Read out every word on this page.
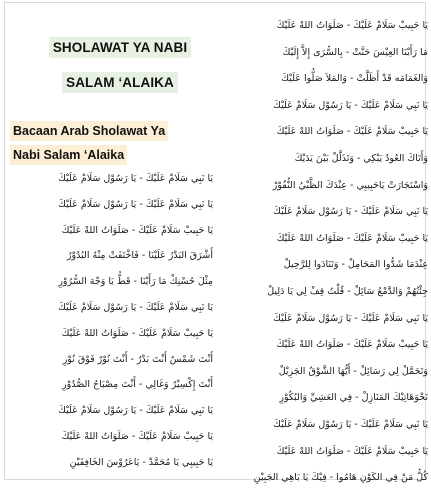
SHOLAWAT YA NABI
SALAM ‘ALAIKA
Bacaan Arab Sholawat Ya
Nabi Salam ‘Alaika
يَا حَبِيبْ سَلَامْ عَلَيْكَ - صَلَوَاتُ اللهْ عَلَيْكَ
مَا رَأَيْنَا العِيْسَ حَنَّتْ - بِالسُّرَى إِلاَّ إِلَيْكَ
وَالغَمَامَه قَدْ أَظَلَّتْ - وَالمَلاَ صَلُّوا عَلَيْكَ
يَا نَبِي سَلَامْ عَلَيْكَ - يَا رَسُوْل سَلَامْ عَلَيْكَ
يَا حَبِيبْ سَلَامْ عَلَيْكَ - صَلَوَاتُ اللهْ عَلَيْكَ
وَأَتَاكَ العُودُ يَبْكِي - وَتَذَلَّلْ بَيْنَ يَدَيْكَ
وَاسْتَجَارَتْ يَاحَبِيبِي - عِنْدَكَ الظَّبْيُ النُّفُوْرْ
يَا نَبِي سَلَامْ عَلَيْكَ - يَا رَسُوْل سَلَامْ عَلَيْكَ
يَا حَبِيبْ سَلَامْ عَلَيْكَ - صَلَوَاتُ اللهْ عَلَيْكَ
عِنْدَمَا شَدُّوا المَحَامِلْ - وَتَنَادَوا لِلرَّحِيلْ
جِئْتُهُمْ وَالدَّمْعُ سَائِلْ - قُلْتُ قِفْ لِي يَا دَلِيلْ
يَا نَبِي سَلَامْ عَلَيْكَ - يَا رَسُوْل سَلَامْ عَلَيْكَ
يَا حَبِيبْ سَلَامْ عَلَيْكَ - صَلَوَاتُ اللهْ عَلَيْكَ
وَتَحَمَّلْ لِي رَسَائِلْ - أَيُّهَا الشَّوْقُ الجَزِيْلْ
نَحْوَهَاتِيْكَ المَنَازِلْ - فِي العَشِيِّ وَالبُكُوْرِ
يَا نَبِي سَلَامْ عَلَيْكَ - يَا رَسُوْل سَلَامْ عَلَيْكَ
يَا حَبِيبْ سَلَامْ عَلَيْكَ - صَلَوَاتُ اللهْ عَلَيْكَ
كُلُّ مَنْ فِي الكَوْنِ هَامُوا - فِيْكَ يَا بَاهِي الجَبِيْنِ
يَا نَبِي سَلَامْ عَلَيْكَ - يَا رَسُوْل سَلَامْ عَلَيْكَ
يَا نَبِي سَلَامْ عَلَيْكَ - يَا رَسُوْل سَلَامْ عَلَيْكَ
يَا حَبِيبْ سَلَامْ عَلَيْكَ - صَلَوَاتُ اللهْ عَلَيْكَ
أَشْرَقَ البَدْرُ عَلَيْنَا - فَاخْتَفَتْ مِنْهُ البُدُوْرُ
مِثْلَ حُسْنِكْ مَا رَأَيْنَا - قَطُّ يَا وَجْهَ السُّرُوْرِ
يَا نَبِي سَلَامْ عَلَيْكَ - يَا رَسُوْل سَلَامْ عَلَيْكَ
يَا حَبِيبْ سَلَامْ عَلَيْكَ - صَلَوَاتُ اللهْ عَلَيْكَ
أَنْتَ شَمْسٌ أَنْتَ بَدْرٌ - أَنْتَ نُوْرٌ فَوْقَ نُوْرِ
أَنْتَ إِكْسِيْرٌ وَغَالِي - أَنْتَ مِصْبَاحُ الصُّدُوْرِ
يَا نَبِي سَلَامْ عَلَيْكَ - يَا رَسُوْل سَلَامْ عَلَيْكَ
يَا حَبِيبْ سَلَامْ عَلَيْكَ - صَلَوَاتُ اللهْ عَلَيْكَ
يَا حَبِيبِي يَا مُحَمَّدْ - يَاعَرُوْسَ الخَافِقَيْنِ
